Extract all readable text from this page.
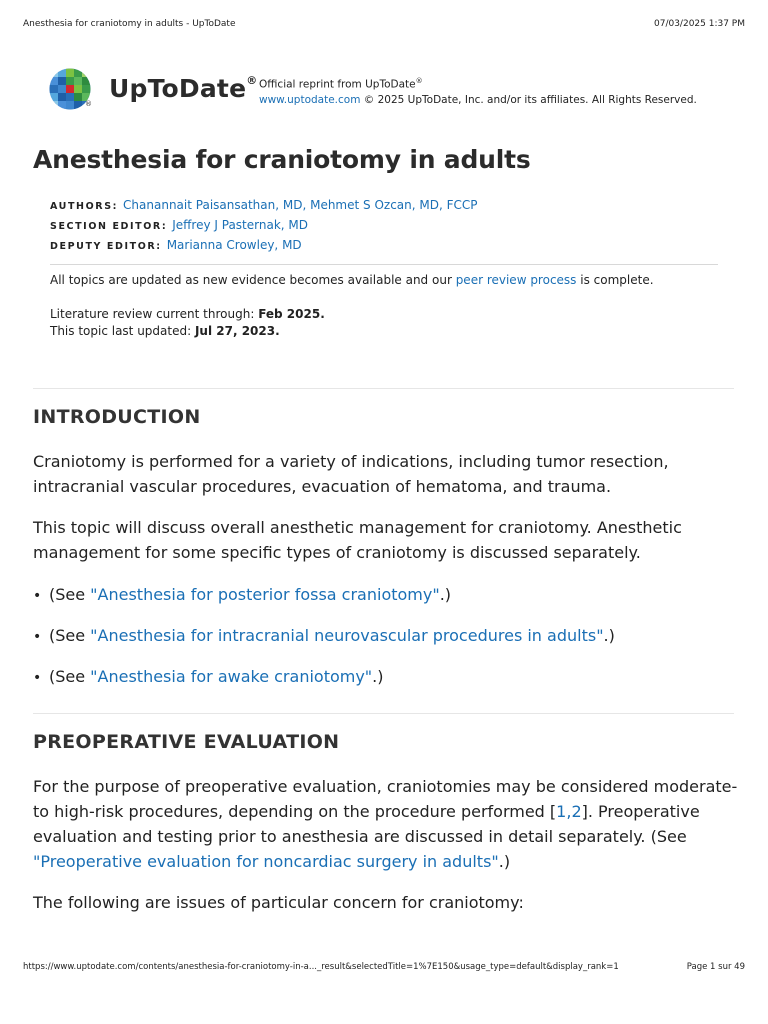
Anesthesia for craniotomy in adults - UpToDate	07/03/2025 1:37 PM
®
UpToDate® Official reprint from UpToDate®
www.uptodate.com © 2025 UpToDate, Inc. and/or its affiliates. All Rights Reserved.
Anesthesia for craniotomy in adults
AUTHORS: Chanannait Paisansathan, MD, Mehmet S Ozcan, MD, FCCP
SECTION EDITOR: Jeffrey J Pasternak, MD
DEPUTY EDITOR: Marianna Crowley, MD
All topics are updated as new evidence becomes available and our peer review process is complete.
Literature review current through: Feb 2025.
This topic last updated: Jul 27, 2023.
INTRODUCTION

Craniotomy is performed for a variety of indications, including tumor resection, intracranial vascular procedures, evacuation of hematoma, and trauma.

This topic will discuss overall anesthetic management for craniotomy. Anesthetic management for some specific types of craniotomy is discussed separately.

• (See "Anesthesia for posterior fossa craniotomy".)
• (See "Anesthesia for intracranial neurovascular procedures in adults".)
• (See "Anesthesia for awake craniotomy".)
PREOPERATIVE EVALUATION

For the purpose of preoperative evaluation, craniotomies may be considered moderate- to high-risk procedures, depending on the procedure performed [1,2]. Preoperative evaluation and testing prior to anesthesia are discussed in detail separately. (See "Preoperative evaluation for noncardiac surgery in adults".)

The following are issues of particular concern for craniotomy:

https://www.uptodate.com/contents/anesthesia-for-craniotomy-in-a..._result&selectedTitle=1%7E150&usage_type=default&display_rank=1	Page 1 sur 49
